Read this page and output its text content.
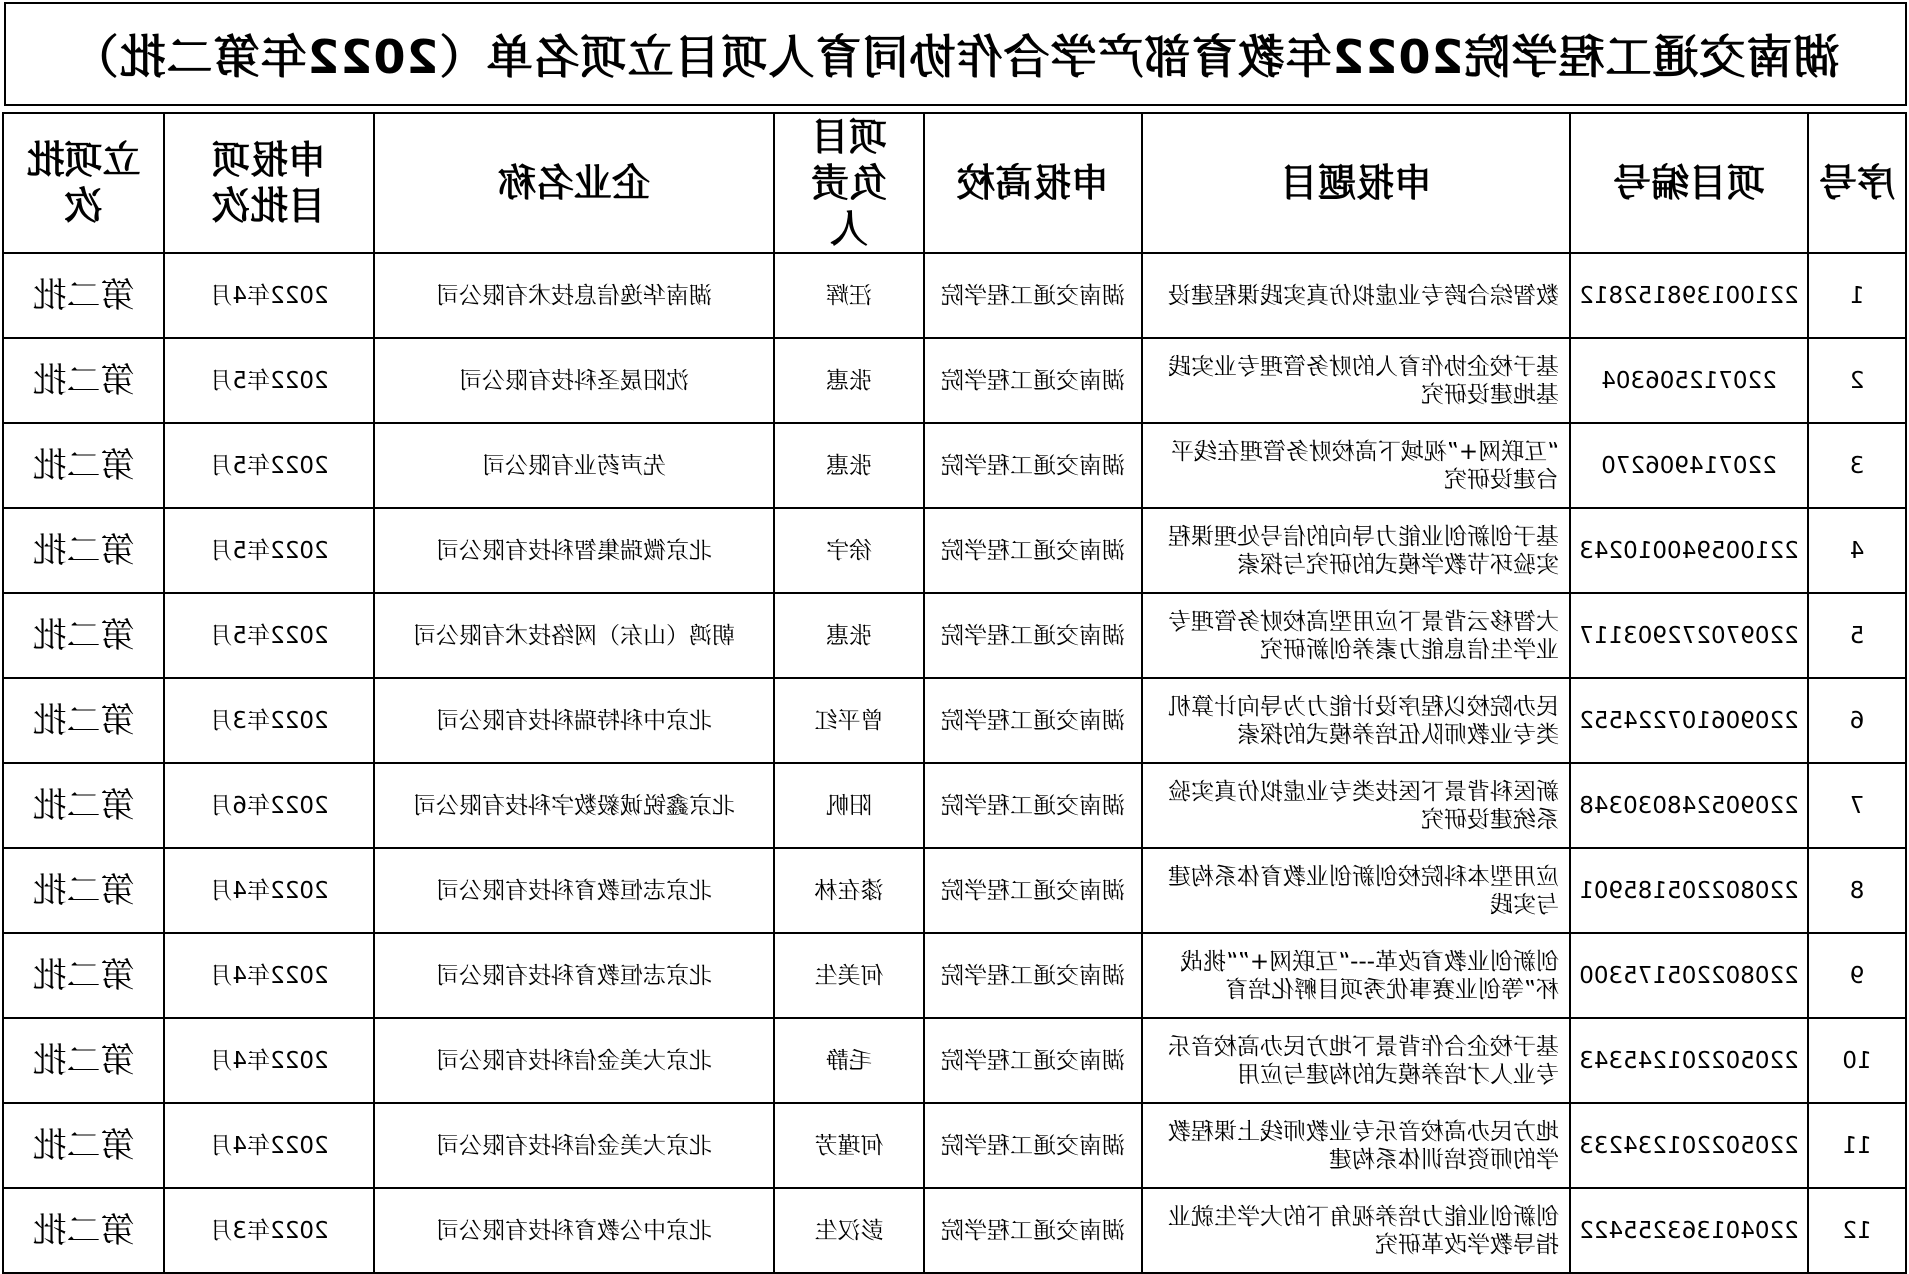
湖南交通工程学院2022年教育部产学合作协同育人项目立项名单（2022年第二批）
序号	项目编号	申报题目	申报高校	项目负责人	企业名称	申报项目批次	立项批次
1	221001398152812	数智综合跨专业虚拟仿真实践课程建设	湖南交通工程学院	汪辉	湖南华逸信息技术有限公司	2022年4月	第二批
2	220712506304	基于校企协作育人的财务管理专业实践基地建设研究	湖南交通工程学院	张惠	沈阳晟圣科技有限公司	2022年5月	第二批
3	220714906270	“互联网+”视域下高校财务管理在线平台建设研究	湖南交通工程学院	张惠	先声药业有限公司	2022年5月	第二批
4	221005940010243	基于创新创业能力导向的信号处理课程实验环节教学模式的研究与探索	湖南交通工程学院	徐宇	北京微瑞集智科技有限公司	2022年5月	第二批
5	220970272903117	大智移云背景下应用型高校财务管理专业学生信息能力素养创新研究	湖南交通工程学院	张惠	朝鸿（山东）网络技术有限公司	2022年5月	第二批
6	220906107224552	民办院校以程序设计能力为导向计算机类专业教师队伍培养模式的探索	湖南交通工程学院	曾平红	北京中科特瑞科技有限公司	2022年3月	第二批
7	220905248030348	新医科背景下医技类专业虚拟仿真实验系统建设研究	湖南交通工程学院	阳帆	北京鑫锐诚毅数字科技有限公司	2022年6月	第二批
8	220802205185901	应用型本科院校创新创业教育体系构建与实践	湖南交通工程学院	漆在林	北京志恒教育科技有限公司	2022年4月	第二批
9	220802205175300	创新创业教育改革---“互联网+”“挑战杯”等创业赛事优秀项目孵化培育	湖南交通工程学院	何美生	北京志恒教育科技有限公司	2022年4月	第二批
10	220502201245343	基于校企合作背景下地方民办高校音乐专业人才培养模式的构建与应用	湖南交通工程学院	毛静	北京大美金信科技有限公司	2022年4月	第二批
11	220502201234233	地方民办高校音乐专业教师线上课程教学的师资培训体系构建	湖南交通工程学院	何瑾芳	北京大美金信科技有限公司	2022年4月	第二批
12	220401363255422	创新创业能力培养视角下的大学生就业指导教学改革研究	湖南交通工程学院	彭汉生	北京中公教育科技有限公司	2022年3月	第二批
